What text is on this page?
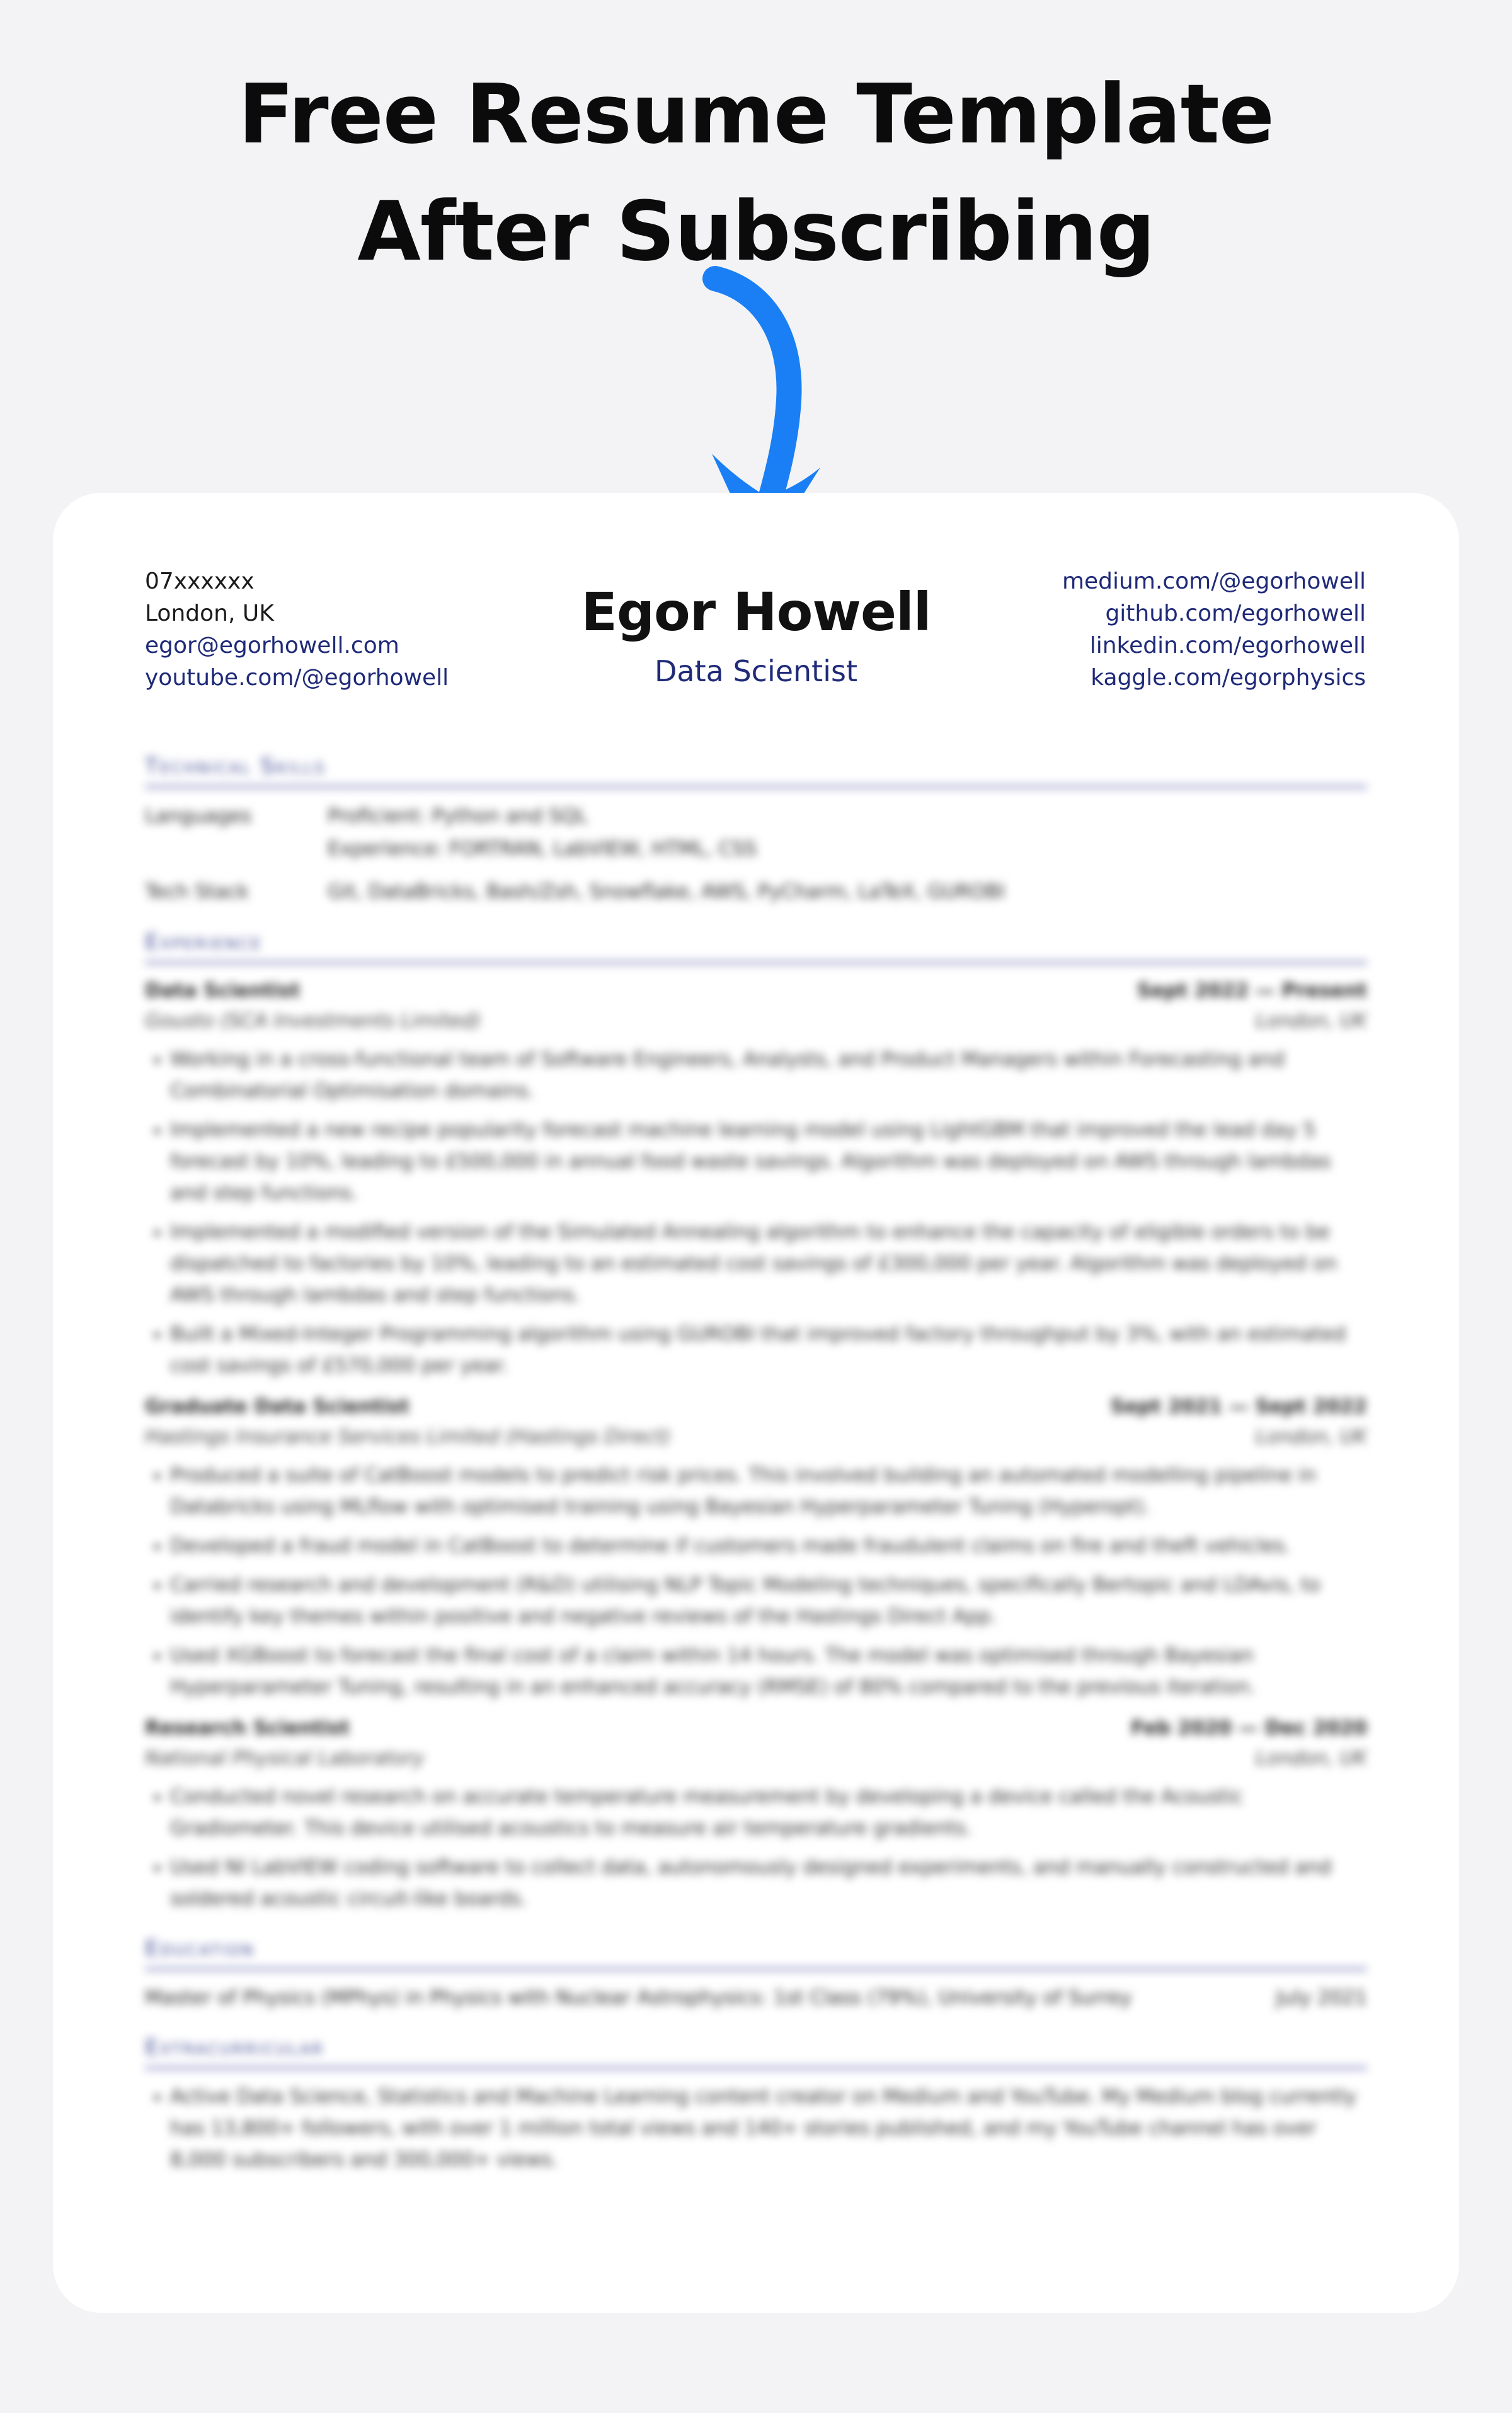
Free Resume Template
After Subscribing
07xxxxxx
London, UK
egor@egorhowell.com
youtube.com/@egorhowell
Egor Howell
Data Scientist
medium.com/@egorhowell
github.com/egorhowell
linkedin.com/egorhowell
kaggle.com/egorphysics
Technical Skills
Languages	Proficient: Python and SQL
Experience: FORTRAN, LabVIEW, HTML, CSS
Tech Stack	Git, DataBricks, Bash/Zsh, Snowflake, AWS, PyCharm, LaTeX, GUROBI
Experience
Data Scientist	Sept 2022 — Present
Gousto (SCA Investments Limited)	London, UK
• Working in a cross-functional team of Software Engineers, Analysts, and Product Managers within Forecasting and Combinatorial Optimisation domains.
• Implemented a new recipe popularity forecast machine learning model using LightGBM that improved the lead day 5 forecast by 10%, leading to £500,000 in annual food waste savings. Algorithm was deployed on AWS through lambdas and step functions.
• Implemented a modified version of the Simulated Annealing algorithm to enhance the capacity of eligible orders to be dispatched to factories by 10%, leading to an estimated cost savings of £300,000 per year. Algorithm was deployed on AWS through lambdas and step functions.
• Built a Mixed-Integer Programming algorithm using GUROBI that improved factory throughput by 3%, with an estimated cost savings of £570,000 per year.
Graduate Data Scientist	Sept 2021 — Sept 2022
Hastings Insurance Services Limited (Hastings Direct)	London, UK
• Produced a suite of CatBoost models to predict risk prices. This involved building an automated modelling pipeline in Databricks using MLflow with optimised training using Bayesian Hyperparameter Tuning (Hyperopt).
• Developed a fraud model in CatBoost to determine if customers made fraudulent claims on fire and theft vehicles.
• Carried research and development (R&D) utilising NLP Topic Modeling techniques, specifically Bertopic and LDAvis, to identify key themes within positive and negative reviews of the Hastings Direct App.
• Used XGBoost to forecast the final cost of a claim within 14 hours. The model was optimised through Bayesian Hyperparameter Tuning, resulting in an enhanced accuracy (RMSE) of 80% compared to the previous iteration.
Research Scientist	Feb 2020 — Dec 2020
National Physical Laboratory	London, UK
• Conducted novel research on accurate temperature measurement by developing a device called the Acoustic Gradiometer. This device utilised acoustics to measure air temperature gradients.
• Used NI LabVIEW coding software to collect data, autonomously designed experiments, and manually constructed and soldered acoustic circuit-like boards.
Education
Master of Physics (MPhys) in Physics with Nuclear Astrophysics: 1st Class (79%), University of Surrey	July 2021
Extracurricular
• Active Data Science, Statistics and Machine Learning content creator on Medium and YouTube. My Medium blog currently has 13,800+ followers, with over 1 million total views and 140+ stories published, and my YouTube channel has over 8,000 subscribers and 300,000+ views.
